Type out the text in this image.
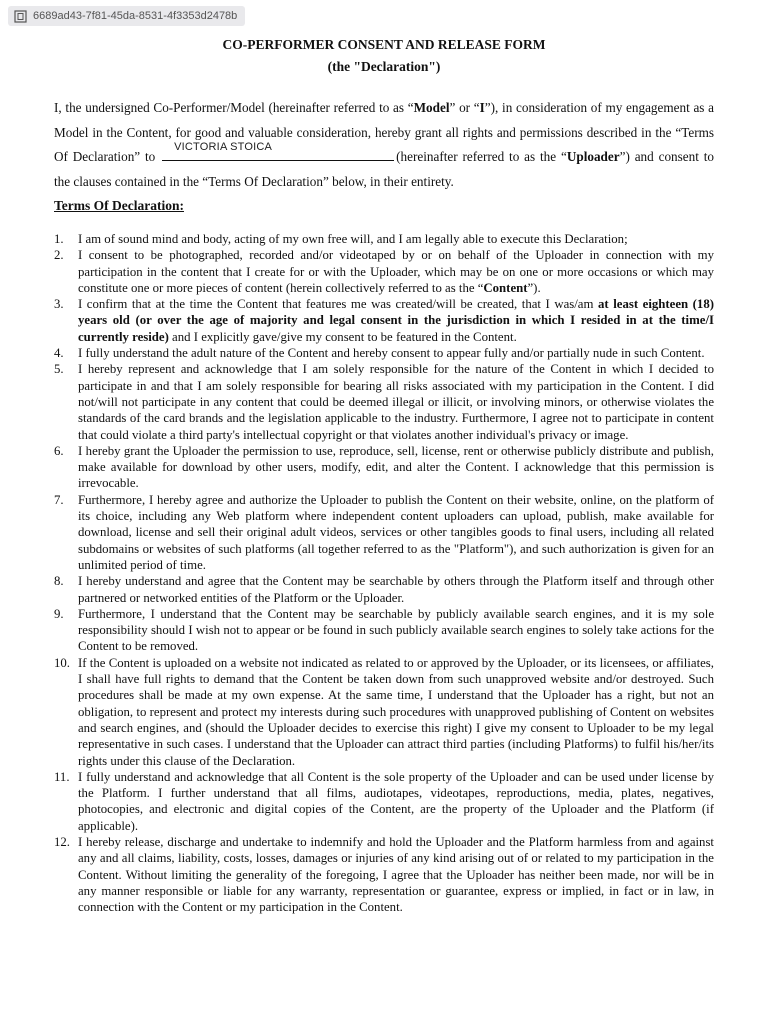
6689ad43-7f81-45da-8531-4f3353d2478b
CO-PERFORMER CONSENT AND RELEASE FORM
(the "Declaration")
I, the undersigned Co-Performer/Model (hereinafter referred to as “Model” or “I”), in consideration of my engagement as a Model in the Content, for good and valuable consideration, hereby grant all rights and permissions described in the “Terms Of Declaration” to
VICTORIA STOICA
(hereinafter referred to as the “Uploader”) and consent to the clauses contained in the “Terms Of Declaration” below, in their entirety.
Terms Of Declaration:
1.	I am of sound mind and body, acting of my own free will, and I am legally able to execute this Declaration;
2.	I consent to be photographed, recorded and/or videotaped by or on behalf of the Uploader in connection with my participation in the content that I create for or with the Uploader, which may be on one or more occasions or which may constitute one or more pieces of content (herein collectively referred to as the “Content”).
3.	I confirm that at the time the Content that features me was created/will be created, that I was/am at least eighteen (18) years old (or over the age of majority and legal consent in the jurisdiction in which I resided in at the time/I currently reside) and I explicitly gave/give my consent to be featured in the Content.
4.	I fully understand the adult nature of the Content and hereby consent to appear fully and/or partially nude in such Content.
5.	I hereby represent and acknowledge that I am solely responsible for the nature of the Content in which I decided to participate in and that I am solely responsible for bearing all risks associated with my participation in the Content. I did not/will not participate in any content that could be deemed illegal or illicit, or involving minors, or otherwise violates the standards of the card brands and the legislation applicable to the industry. Furthermore, I agree not to participate in content that could violate a third party's intellectual copyright or that violates another individual's privacy or image.
6.	I hereby grant the Uploader the permission to use, reproduce, sell, license, rent or otherwise publicly distribute and publish, make available for download by other users, modify, edit, and alter the Content. I acknowledge that this permission is irrevocable.
7.	Furthermore, I hereby agree and authorize the Uploader to publish the Content on their website, online, on the platform of its choice, including any Web platform where independent content uploaders can upload, publish, make available for download, license and sell their original adult videos, services or other tangibles goods to final users, including all related subdomains or websites of such platforms (all together referred to as the "Platform"), and such authorization is given for an unlimited period of time.
8.	I hereby understand and agree that the Content may be searchable by others through the Platform itself and through other partnered or networked entities of the Platform or the Uploader.
9.	Furthermore, I understand that the Content may be searchable by publicly available search engines, and it is my sole responsibility should I wish not to appear or be found in such publicly available search engines to solely take actions for the Content to be removed.
10. If the Content is uploaded on a website not indicated as related to or approved by the Uploader, or its licensees, or affiliates, I shall have full rights to demand that the Content be taken down from such unapproved website and/or destroyed. Such procedures shall be made at my own expense. At the same time, I understand that the Uploader has a right, but not an obligation, to represent and protect my interests during such procedures with unapproved publishing of Content on websites and search engines, and (should the Uploader decides to exercise this right) I give my consent to Uploader to be my legal representative in such cases. I understand that the Uploader can attract third parties (including Platforms) to fulfil his/her/its rights under this clause of the Declaration.
11. I fully understand and acknowledge that all Content is the sole property of the Uploader and can be used under license by the Platform. I further understand that all films, audiotapes, videotapes, reproductions, media, plates, negatives, photocopies, and electronic and digital copies of the Content, are the property of the Uploader and the Platform (if applicable).
12. I hereby release, discharge and undertake to indemnify and hold the Uploader and the Platform harmless from and against any and all claims, liability, costs, losses, damages or injuries of any kind arising out of or related to my participation in the Content. Without limiting the generality of the foregoing, I agree that the Uploader has neither been made, nor will be in any manner responsible or liable for any warranty, representation or guarantee, express or implied, in fact or in law, in connection with the Content or my participation in the Content.
